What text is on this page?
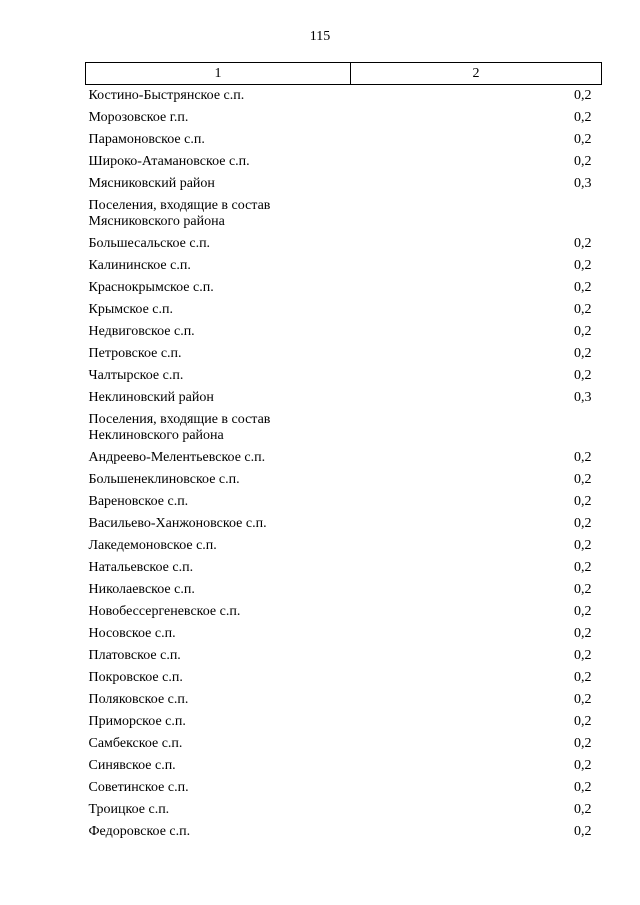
115
1	2
Костино-Быстрянское с.п.	0,2
Морозовское г.п.	0,2
Парамоновское с.п.	0,2
Широко-Атамановское с.п.	0,2
Мясниковский район	0,3
Поселения, входящие в состав
Мясниковского района	
Большесальское с.п.	0,2
Калининское с.п.	0,2
Краснокрымское с.п.	0,2
Крымское с.п.	0,2
Недвиговское с.п.	0,2
Петровское с.п.	0,2
Чалтырское с.п.	0,2
Неклиновский район	0,3
Поселения, входящие в состав
Неклиновского района	
Андреево-Мелентьевское с.п.	0,2
Большенеклиновское с.п.	0,2
Вареновское с.п.	0,2
Васильево-Ханжоновское с.п.	0,2
Лакедемоновское с.п.	0,2
Натальевское с.п.	0,2
Николаевское с.п.	0,2
Новобессергеневское с.п.	0,2
Носовское с.п.	0,2
Платовское с.п.	0,2
Покровское с.п.	0,2
Поляковское с.п.	0,2
Приморское с.п.	0,2
Самбекское с.п.	0,2
Синявское с.п.	0,2
Советинское с.п.	0,2
Троицкое с.п.	0,2
Федоровское с.п.	0,2
